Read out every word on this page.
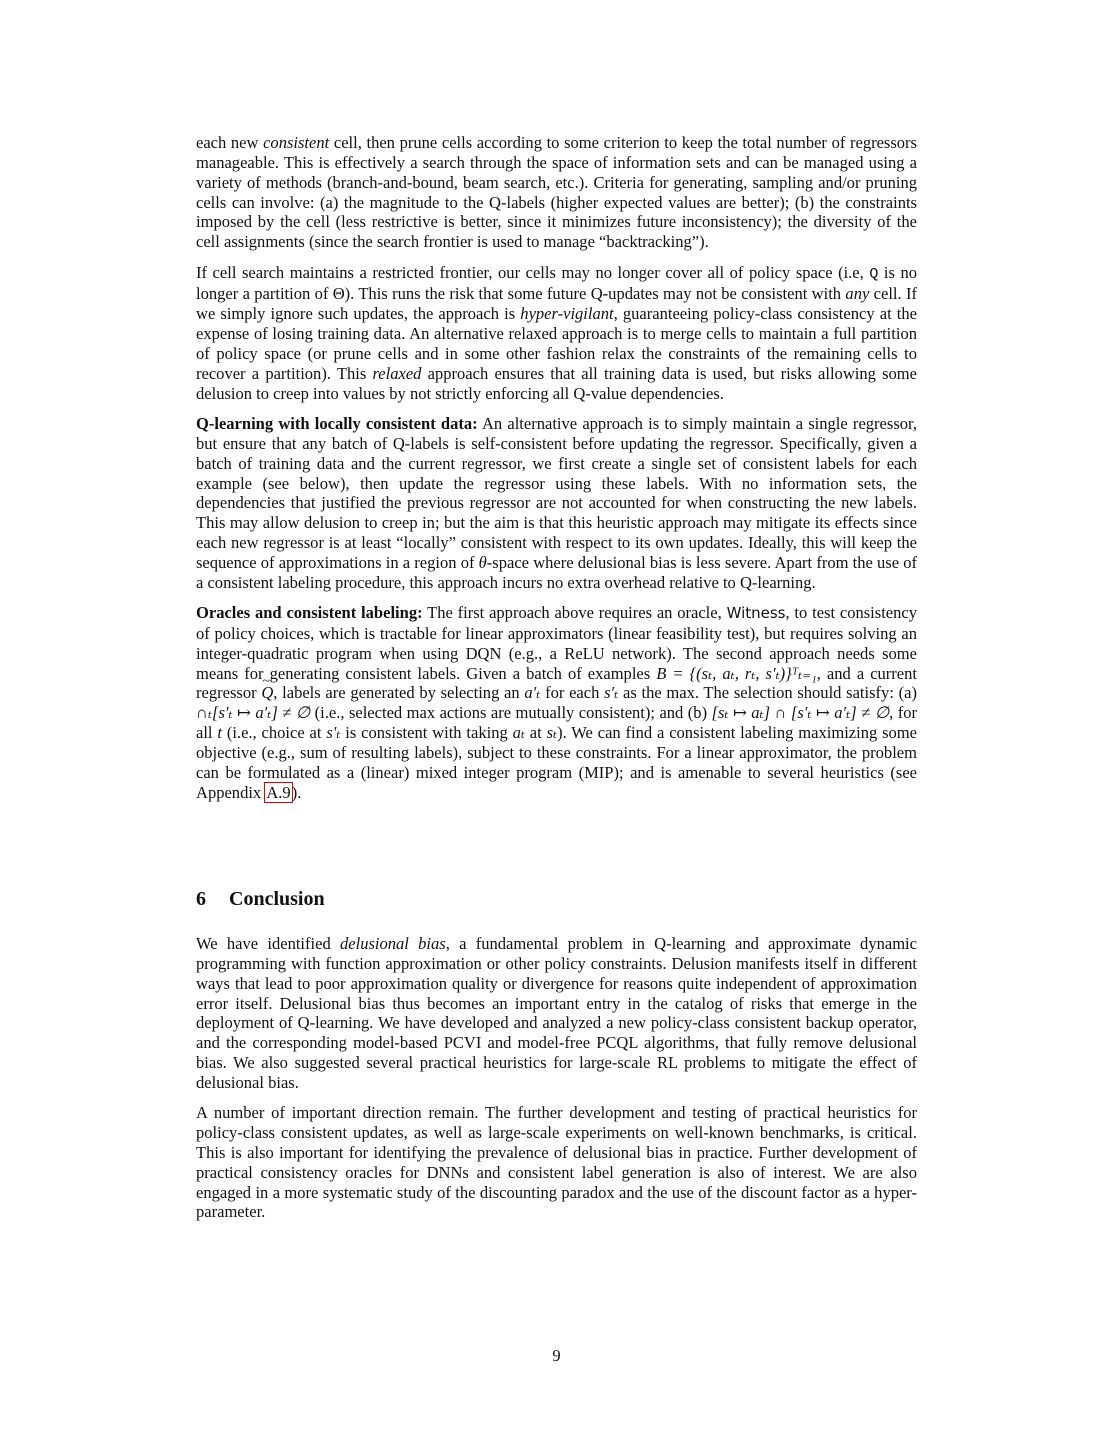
each new consistent cell, then prune cells according to some criterion to keep the total number of regressors manageable. This is effectively a search through the space of information sets and can be managed using a variety of methods (branch-and-bound, beam search, etc.). Criteria for generating, sampling and/or pruning cells can involve: (a) the magnitude to the Q-labels (higher expected values are better); (b) the constraints imposed by the cell (less restrictive is better, since it minimizes future inconsistency); the diversity of the cell assignments (since the search frontier is used to manage “backtracking”).

If cell search maintains a restricted frontier, our cells may no longer cover all of policy space (i.e, Q is no longer a partition of Θ). This runs the risk that some future Q-updates may not be consistent with any cell. If we simply ignore such updates, the approach is hyper-vigilant, guaranteeing policy-class consistency at the expense of losing training data. An alternative relaxed approach is to merge cells to maintain a full partition of policy space (or prune cells and in some other fashion relax the constraints of the remaining cells to recover a partition). This relaxed approach ensures that all training data is used, but risks allowing some delusion to creep into values by not strictly enforcing all Q-value dependencies.

Q-learning with locally consistent data: An alternative approach is to simply maintain a single regressor, but ensure that any batch of Q-labels is self-consistent before updating the regressor. Specifically, given a batch of training data and the current regressor, we first create a single set of consistent labels for each example (see below), then update the regressor using these labels. With no information sets, the dependencies that justified the previous regressor are not accounted for when constructing the new labels. This may allow delusion to creep in; but the aim is that this heuristic approach may mitigate its effects since each new regressor is at least “locally” consistent with respect to its own updates. Ideally, this will keep the sequence of approximations in a region of θ-space where delusional bias is less severe. Apart from the use of a consistent labeling procedure, this approach incurs no extra overhead relative to Q-learning.

Oracles and consistent labeling: The first approach above requires an oracle, Witness, to test consistency of policy choices, which is tractable for linear approximators (linear feasibility test), but requires solving an integer-quadratic program when using DQN (e.g., a ReLU network). The second approach needs some means for generating consistent labels. Given a batch of examples B = {(sₜ, aₜ, rₜ, s′ₜ)}ᵀₜ₌₁, and a current regressor ~ Q, labels are generated by selecting an a′ₜ for each s′ₜ as the max. The selection should satisfy: (a) ∩ₜ[s′ₜ ↦ a′ₜ] ≠ ∅ (i.e., selected max actions are mutually consistent); and (b) [sₜ ↦ aₜ] ∩ [s′ₜ ↦ a′ₜ] ≠ ∅, for all t (i.e., choice at s′ₜ is consistent with taking aₜ at sₜ). We can find a consistent labeling maximizing some objective (e.g., sum of resulting labels), subject to these constraints. For a linear approximator, the problem can be formulated as a (linear) mixed integer program (MIP); and is amenable to several heuristics (see Appendix A.9).

6 Conclusion

We have identified delusional bias, a fundamental problem in Q-learning and approximate dynamic programming with function approximation or other policy constraints. Delusion manifests itself in different ways that lead to poor approximation quality or divergence for reasons quite independent of approximation error itself. Delusional bias thus becomes an important entry in the catalog of risks that emerge in the deployment of Q-learning. We have developed and analyzed a new policy-class consistent backup operator, and the corresponding model-based PCVI and model-free PCQL algorithms, that fully remove delusional bias. We also suggested several practical heuristics for large-scale RL problems to mitigate the effect of delusional bias.

A number of important direction remain. The further development and testing of practical heuristics for policy-class consistent updates, as well as large-scale experiments on well-known benchmarks, is critical. This is also important for identifying the prevalence of delusional bias in practice. Further development of practical consistency oracles for DNNs and consistent label generation is also of interest. We are also engaged in a more systematic study of the discounting paradox and the use of the discount factor as a hyper-parameter.

9
